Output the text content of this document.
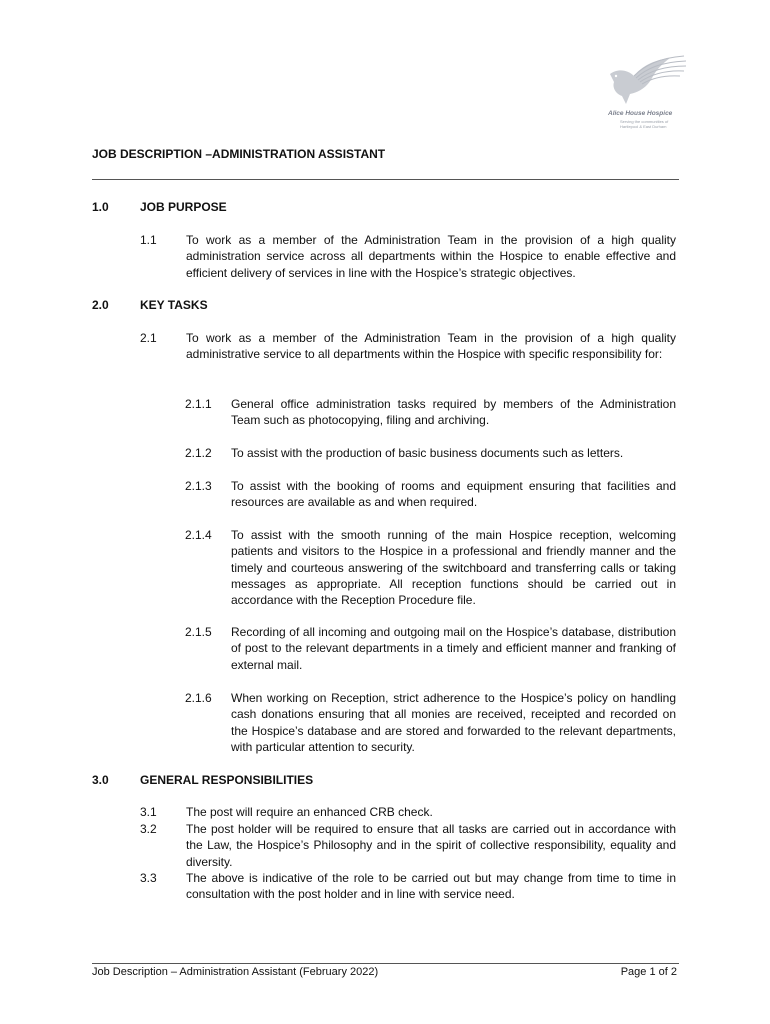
Alice House Hospice
Serving the communities of
Hartlepool & East Durham
JOB DESCRIPTION –ADMINISTRATION ASSISTANT
1.0	JOB PURPOSE
1.1 To work as a member of the Administration Team in the provision of a high quality administration service across all departments within the Hospice to enable effective and efficient delivery of services in line with the Hospice’s strategic objectives.
2.0	KEY TASKS
2.1 To work as a member of the Administration Team in the provision of a high quality administrative service to all departments within the Hospice with specific responsibility for:
2.1.1 General office administration tasks required by members of the Administration Team such as photocopying, filing and archiving.
2.1.2 To assist with the production of basic business documents such as letters.
2.1.3 To assist with the booking of rooms and equipment ensuring that facilities and resources are available as and when required.
2.1.4 To assist with the smooth running of the main Hospice reception, welcoming patients and visitors to the Hospice in a professional and friendly manner and the timely and courteous answering of the switchboard and transferring calls or taking messages as appropriate. All reception functions should be carried out in accordance with the Reception Procedure file.
2.1.5 Recording of all incoming and outgoing mail on the Hospice’s database, distribution of post to the relevant departments in a timely and efficient manner and franking of external mail.
2.1.6 When working on Reception, strict adherence to the Hospice’s policy on handling cash donations ensuring that all monies are received, receipted and recorded on the Hospice’s database and are stored and forwarded to the relevant departments, with particular attention to security.
3.0	GENERAL RESPONSIBILITIES
3.1 The post will require an enhanced CRB check.
3.2 The post holder will be required to ensure that all tasks are carried out in accordance with the Law, the Hospice’s Philosophy and in the spirit of collective responsibility, equality and diversity.
3.3 The above is indicative of the role to be carried out but may change from time to time in consultation with the post holder and in line with service need.
Job Description – Administration Assistant (February 2022)	Page 1 of 2
